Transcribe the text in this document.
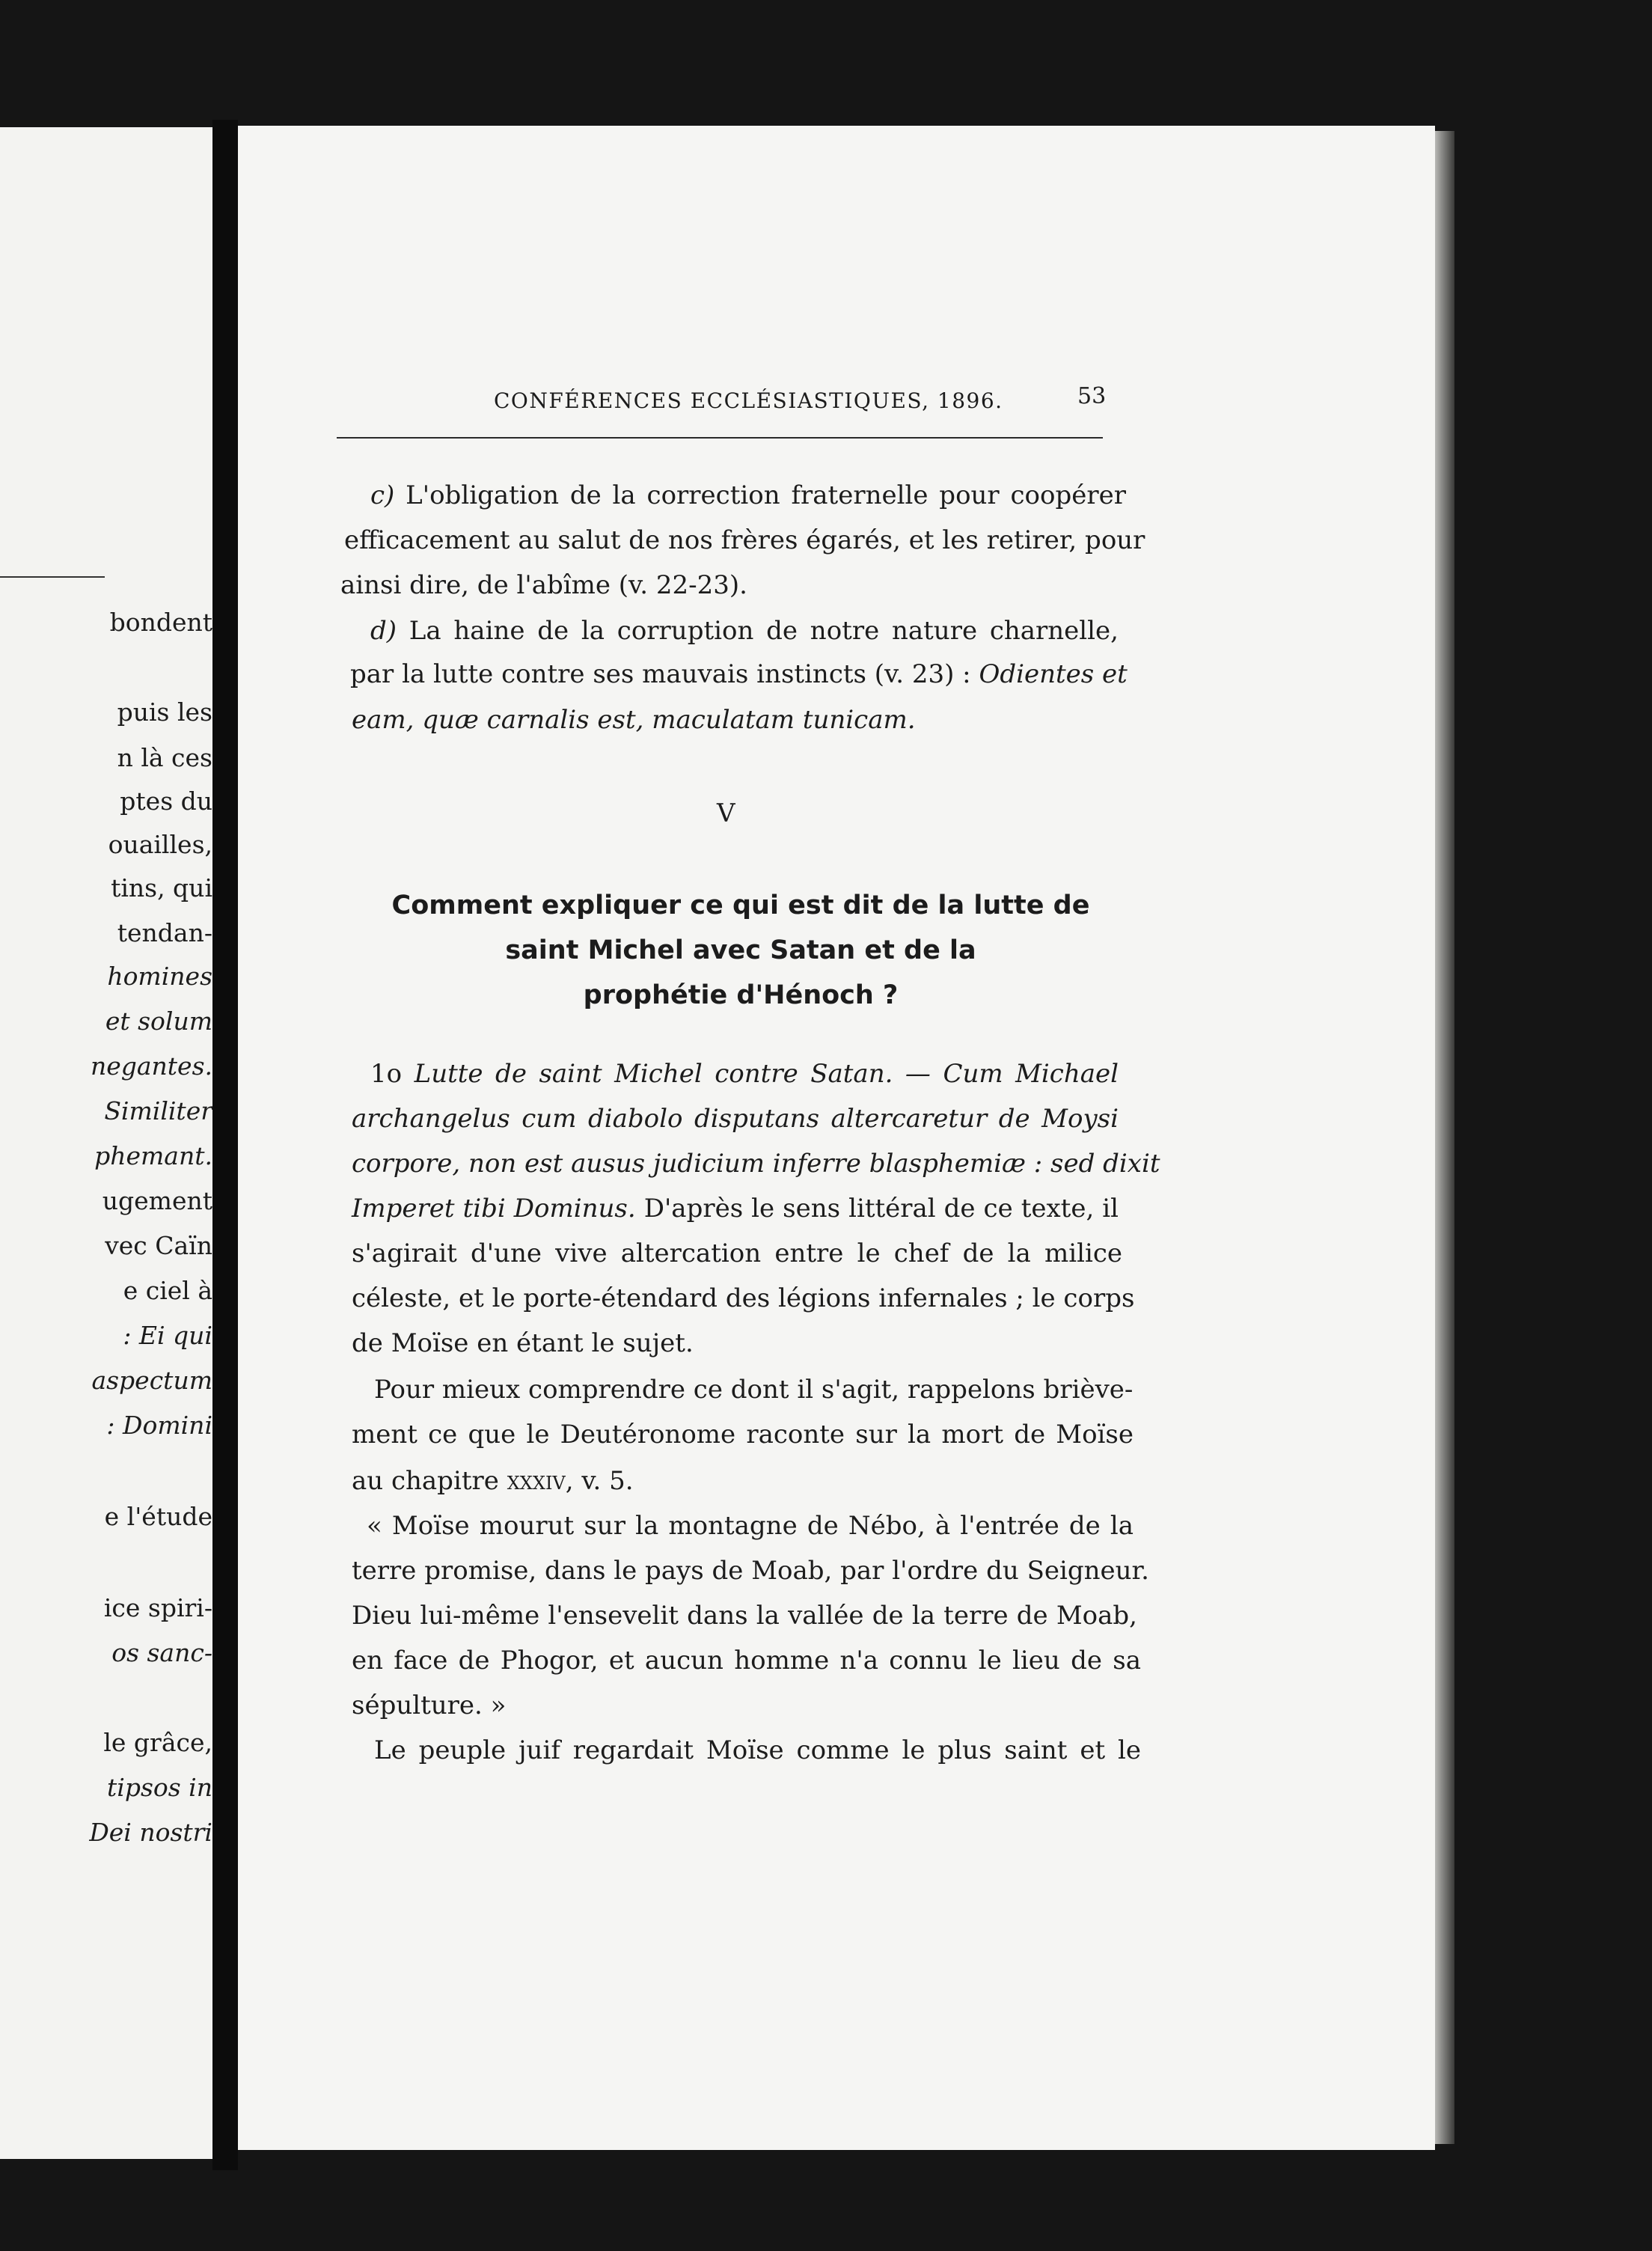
bondent
puis les
n là ces
ptes du
ouailles,
tins, qui
tendan-
homines
et solum
negantes.
Similiter
phemant.
ugement
vec Caïn
e ciel à
: Ei qui
aspectum
: Domini
e l'étude
ice spiri-
os sanc-
le grâce,
tipsos in
Dei nostri
CONFÉRENCES ECCLÉSIASTIQUES, 1896.	53
c) L'obligation de la correction fraternelle pour coopérer
efficacement au salut de nos frères égarés, et les retirer, pour
ainsi dire, de l'abîme (v. 22-23).
d) La haine de la corruption de notre nature charnelle,
par la lutte contre ses mauvais instincts (v. 23) : Odientes et
eam, quæ carnalis est, maculatam tunicam.
V
Comment expliquer ce qui est dit de la lutte de
saint Michel avec Satan et de la
prophétie d'Hénoch ?
1o Lutte de saint Michel contre Satan. — Cum Michael
archangelus cum diabolo disputans altercaretur de Moysi
corpore, non est ausus judicium inferre blasphemiæ : sed dixit
Imperet tibi Dominus. D'après le sens littéral de ce texte, il
s'agirait d'une vive altercation entre le chef de la milice
céleste, et le porte-étendard des légions infernales ; le corps
de Moïse en étant le sujet.
Pour mieux comprendre ce dont il s'agit, rappelons briève-
ment ce que le Deutéronome raconte sur la mort de Moïse
au chapitre xxxiv, v. 5.
« Moïse mourut sur la montagne de Nébo, à l'entrée de la
terre promise, dans le pays de Moab, par l'ordre du Seigneur.
Dieu lui-même l'ensevelit dans la vallée de la terre de Moab,
en face de Phogor, et aucun homme n'a connu le lieu de sa
sépulture. »
Le peuple juif regardait Moïse comme le plus saint et le
